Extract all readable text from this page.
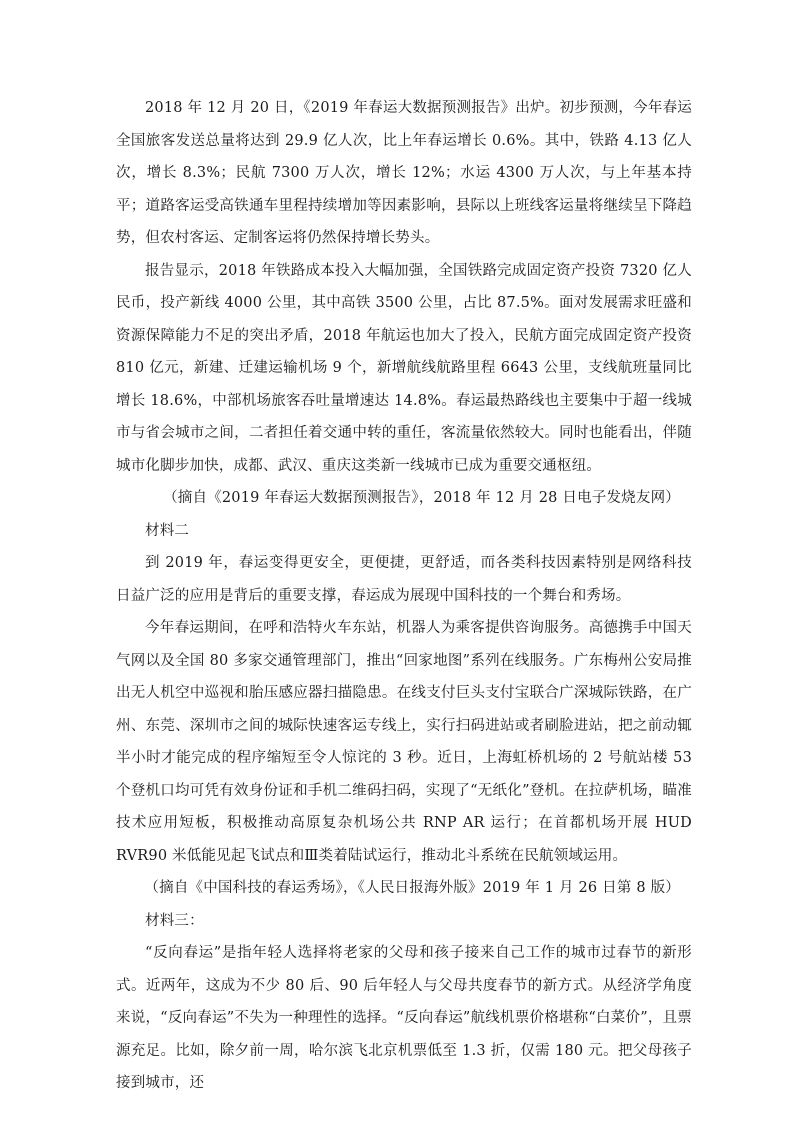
2018 年 12 月 20 日，《2019 年春运大数据预测报告》出炉。初步预测，今年春运全国旅客发送总量将达到 29.9 亿人次，比上年春运增长 0.6%。其中，铁路 4.13 亿人次，增长 8.3%；民航 7300 万人次，增长 12%；水运 4300 万人次，与上年基本持平；道路客运受高铁通车里程持续增加等因素影响，县际以上班线客运量将继续呈下降趋势，但农村客运、定制客运将仍然保持增长势头。

报告显示，2018 年铁路成本投入大幅加强，全国铁路完成固定资产投资 7320 亿人民币，投产新线 4000 公里，其中高铁 3500 公里，占比 87.5%。面对发展需求旺盛和资源保障能力不足的突出矛盾，2018 年航运也加大了投入，民航方面完成固定资产投资 810 亿元，新建、迁建运输机场 9 个，新增航线航路里程 6643 公里，支线航班量同比增长 18.6%，中部机场旅客吞吐量增速达 14.8%。春运最热路线也主要集中于超一线城市与省会城市之间，二者担任着交通中转的重任，客流量依然较大。同时也能看出，伴随城市化脚步加快，成都、武汉、重庆这类新一线城市已成为重要交通枢纽。

（摘自《2019 年春运大数据预测报告》，2018 年 12 月 28 日电子发烧友网）

材料二

到 2019 年，春运变得更安全，更便捷，更舒适，而各类科技因素特别是网络科技日益广泛的应用是背后的重要支撑，春运成为展现中国科技的一个舞台和秀场。

今年春运期间，在呼和浩特火车东站，机器人为乘客提供咨询服务。高德携手中国天气网以及全国 80 多家交通管理部门，推出“回家地图”系列在线服务。广东梅州公安局推出无人机空中巡视和胎压感应器扫描隐患。在线支付巨头支付宝联合广深城际铁路，在广州、东莞、深圳市之间的城际快速客运专线上，实行扫码进站或者刷脸进站，把之前动辄半小时才能完成的程序缩短至令人惊诧的 3 秒。近日，上海虹桥机场的 2 号航站楼 53 个登机口均可凭有效身份证和手机二维码扫码，实现了“无纸化”登机。在拉萨机场，瞄准技术应用短板，积极推动高原复杂机场公共 RNP AR 运行；在首都机场开展 HUD RVR90 米低能见起飞试点和Ⅲ类着陆试运行，推动北斗系统在民航领域运用。

（摘自《中国科技的春运秀场》，《人民日报海外版》2019 年 1 月 26 日第 8 版）

材料三：

“反向春运”是指年轻人选择将老家的父母和孩子接来自己工作的城市过春节的新形式。近两年，这成为不少 80 后、90 后年轻人与父母共度春节的新方式。从经济学角度来说，“反向春运”不失为一种理性的选择。“反向春运”航线机票价格堪称“白菜价”，且票源充足。比如，除夕前一周，哈尔滨飞北京机票低至 1.3 折，仅需 180 元。把父母孩子接到城市，还
